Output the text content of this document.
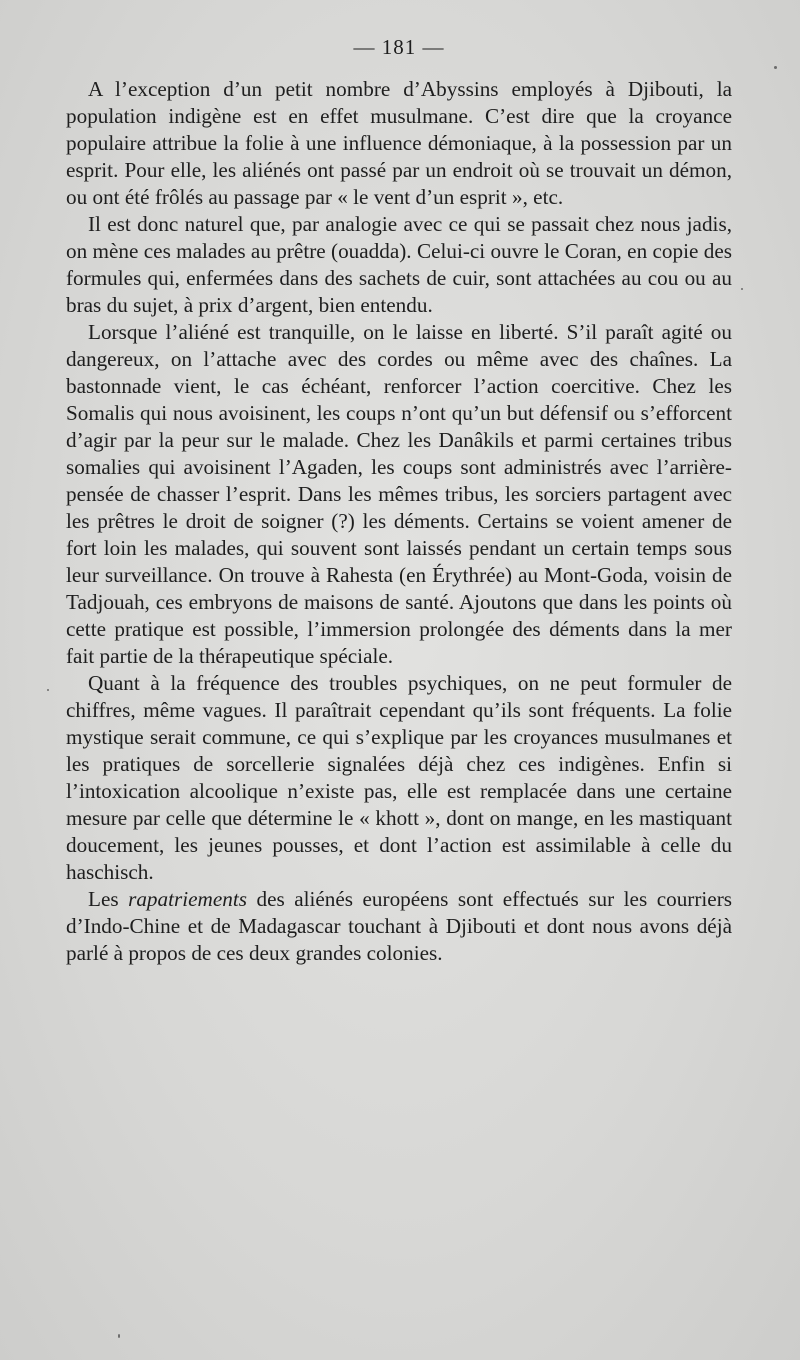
— 181 —

A l’exception d’un petit nombre d’Abyssins employés à Djibouti, la population indigène est en effet musulmane. C’est dire que la croyance populaire attribue la folie à une influence démoniaque, à la possession par un esprit. Pour elle, les aliénés ont passé par un endroit où se trouvait un démon, ou ont été frôlés au passage par « le vent d’un esprit », etc.

Il est donc naturel que, par analogie avec ce qui se passait chez nous jadis, on mène ces malades au prêtre (ouadda). Celui-ci ouvre le Coran, en copie des formules qui, enfermées dans des sachets de cuir, sont attachées au cou ou au bras du sujet, à prix d’argent, bien entendu.

Lorsque l’aliéné est tranquille, on le laisse en liberté. S’il paraît agité ou dangereux, on l’attache avec des cordes ou même avec des chaînes. La bastonnade vient, le cas échéant, renforcer l’action coercitive. Chez les Somalis qui nous avoisinent, les coups n’ont qu’un but défensif ou s’efforcent d’agir par la peur sur le malade. Chez les Danâkils et parmi certaines tribus somalies qui avoisinent l’Agaden, les coups sont administrés avec l’arrière-pensée de chasser l’esprit. Dans les mêmes tribus, les sorciers partagent avec les prêtres le droit de soigner (?) les déments. Certains se voient amener de fort loin les malades, qui souvent sont laissés pendant un certain temps sous leur surveillance. On trouve à Rahesta (en Érythrée) au Mont-Goda, voisin de Tadjouah, ces embryons de maisons de santé. Ajoutons que dans les points où cette pratique est possible, l’immersion prolongée des déments dans la mer fait partie de la thérapeutique spéciale.

Quant à la fréquence des troubles psychiques, on ne peut formuler de chiffres, même vagues. Il paraîtrait cependant qu’ils sont fréquents. La folie mystique serait commune, ce qui s’explique par les croyances musulmanes et les pratiques de sorcellerie signalées déjà chez ces indigènes. Enfin si l’intoxication alcoolique n’existe pas, elle est remplacée dans une certaine mesure par celle que détermine le « khott », dont on mange, en les mastiquant doucement, les jeunes pousses, et dont l’action est assimilable à celle du haschisch.

Les rapatriements des aliénés européens sont effectués sur les courriers d’Indo-Chine et de Madagascar touchant à Djibouti et dont nous avons déjà parlé à propos de ces deux grandes colonies.
